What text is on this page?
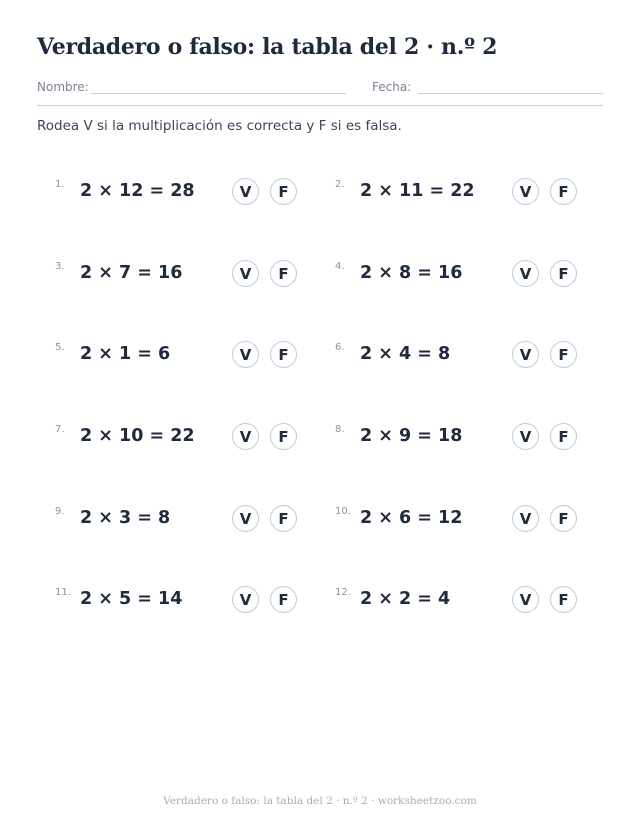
Verdadero o falso: la tabla del 2 · n.º 2
Nombre:	Fecha:
Rodea V si la multiplicación es correcta y F si es falsa.
1. 2 × 12 = 28	V	F	2. 2 × 11 = 22	V	F
3. 2 × 7 = 16	V	F	4. 2 × 8 = 16	V	F
5. 2 × 1 = 6	V	F	6. 2 × 4 = 8	V	F
7. 2 × 10 = 22	V	F	8. 2 × 9 = 18	V	F
9. 2 × 3 = 8	V	F	10. 2 × 6 = 12	V	F
11. 2 × 5 = 14	V	F	12. 2 × 2 = 4	V	F
Verdadero o falso: la tabla del 2 · n.º 2 · worksheetzoo.com
